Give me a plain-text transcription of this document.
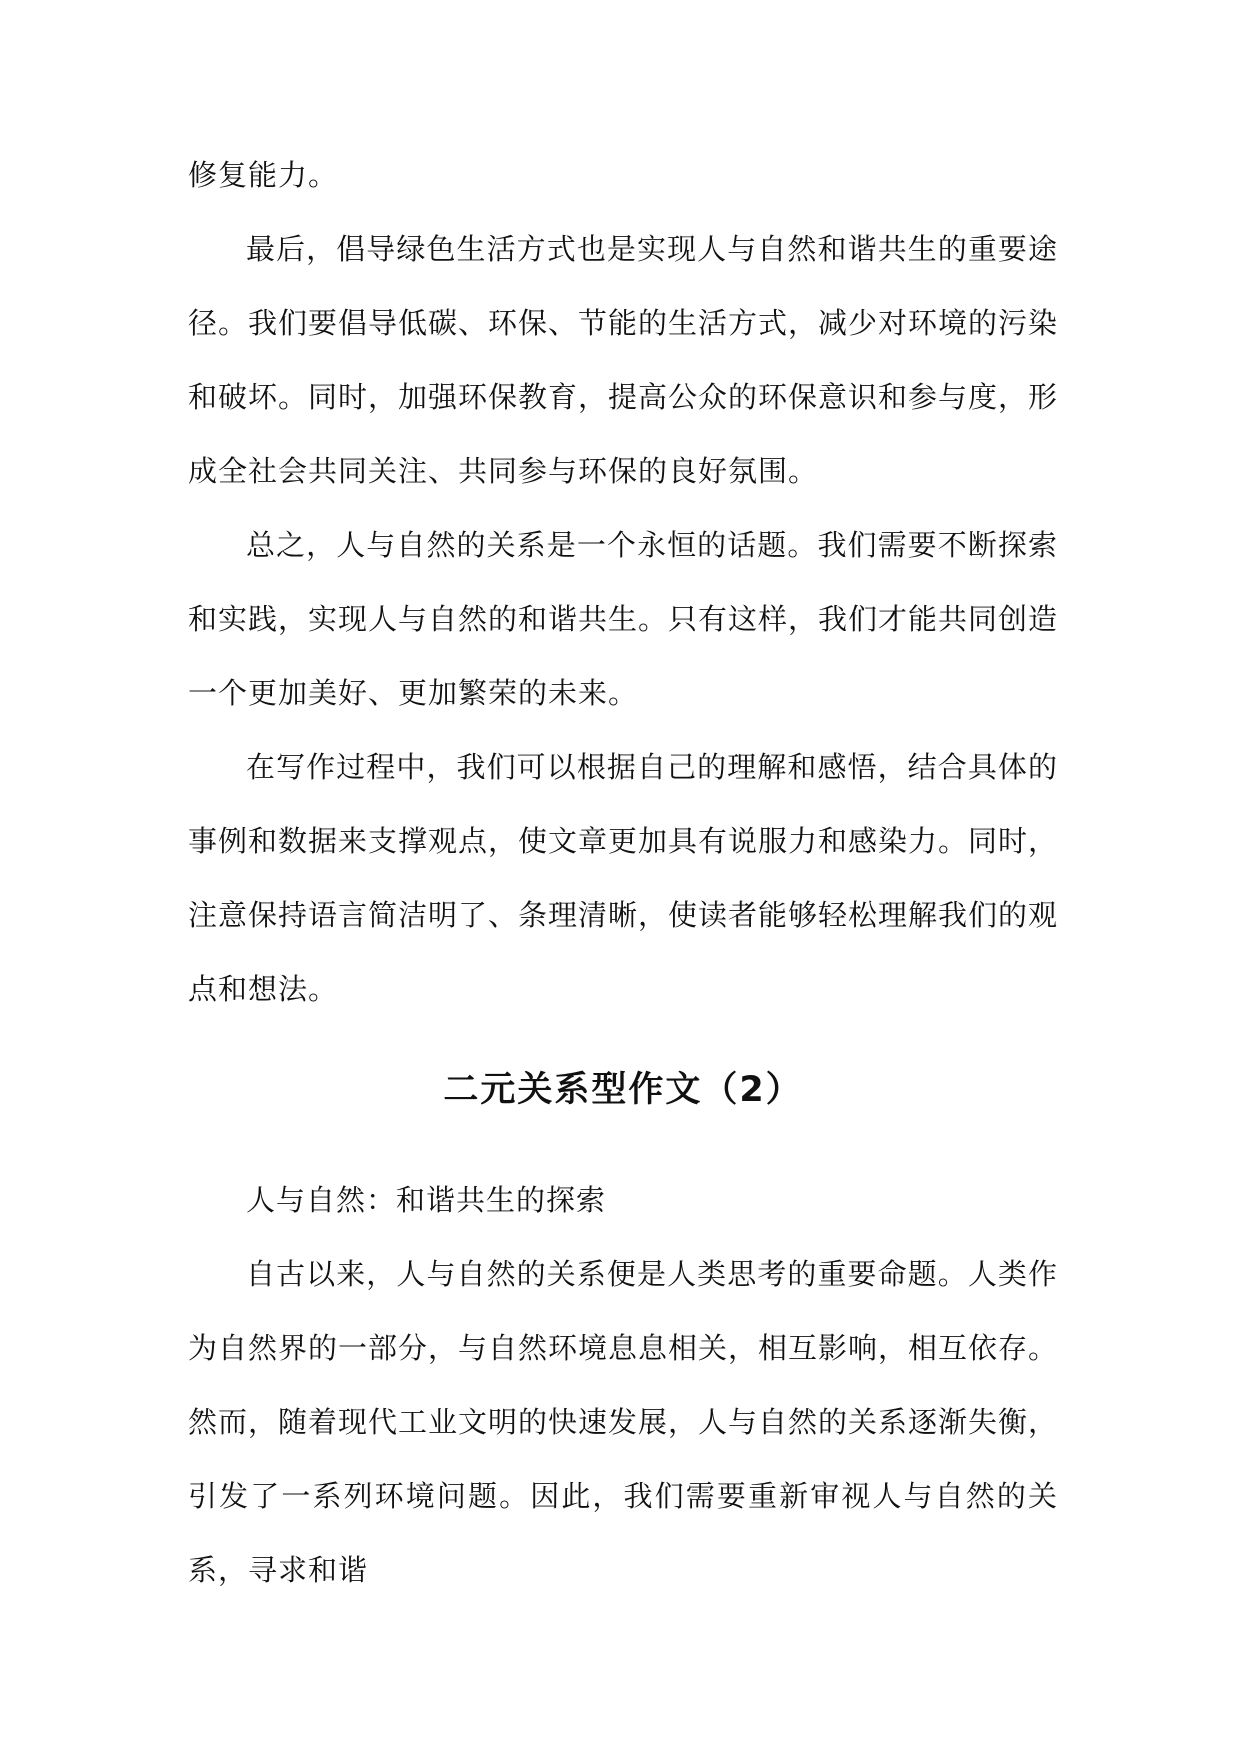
修复能力。

最后，倡导绿色生活方式也是实现人与自然和谐共生的重要途径。我们要倡导低碳、环保、节能的生活方式，减少对环境的污染和破坏。同时，加强环保教育，提高公众的环保意识和参与度，形成全社会共同关注、共同参与环保的良好氛围。

总之，人与自然的关系是一个永恒的话题。我们需要不断探索和实践，实现人与自然的和谐共生。只有这样，我们才能共同创造一个更加美好、更加繁荣的未来。

在写作过程中，我们可以根据自己的理解和感悟，结合具体的事例和数据来支撑观点，使文章更加具有说服力和感染力。同时，注意保持语言简洁明了、条理清晰，使读者能够轻松理解我们的观点和想法。

二元关系型作文（2）

人与自然：和谐共生的探索

自古以来，人与自然的关系便是人类思考的重要命题。人类作为自然界的一部分，与自然环境息息相关，相互影响，相互依存。然而，随着现代工业文明的快速发展，人与自然的关系逐渐失衡，引发了一系列环境问题。因此，我们需要重新审视人与自然的关系，寻求和谐
